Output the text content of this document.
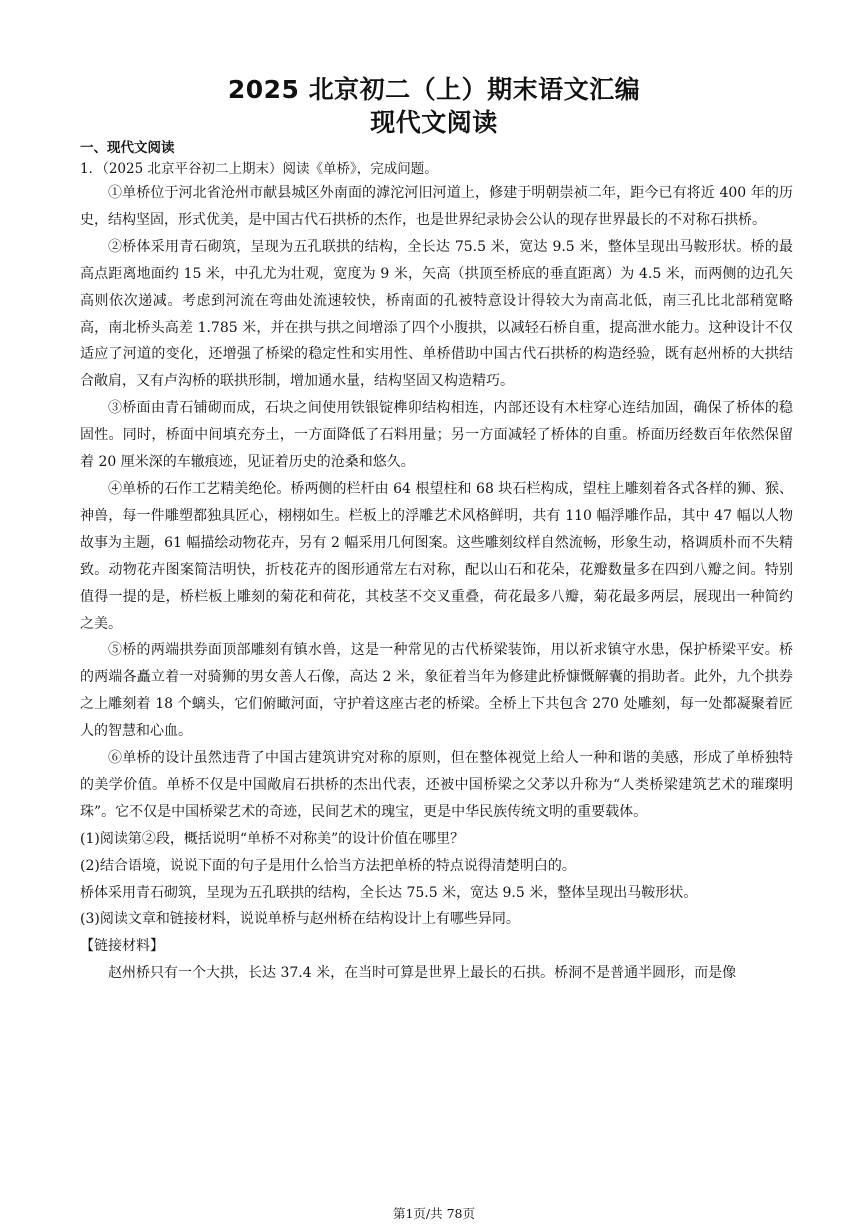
2025 北京初二（上）期末语文汇编
现代文阅读
一、现代文阅读
1．（2025 北京平谷初二上期末）阅读《单桥》，完成问题。

①单桥位于河北省沧州市献县城区外南面的滹沱河旧河道上，修建于明朝崇祯二年，距今已有将近 400 年的历史，结构坚固，形式优美，是中国古代石拱桥的杰作，也是世界纪录协会公认的现存世界最长的不对称石拱桥。

②桥体采用青石砌筑，呈现为五孔联拱的结构，全长达 75.5 米，宽达 9.5 米，整体呈现出马鞍形状。桥的最高点距离地面约 15 米，中孔尤为壮观，宽度为 9 米，矢高（拱顶至桥底的垂直距离）为 4.5 米，而两侧的边孔矢高则依次递减。考虑到河流在弯曲处流速较快，桥南面的孔被特意设计得较大为南高北低，南三孔比北部稍宽略高，南北桥头高差 1.785 米，并在拱与拱之间增添了四个小腹拱，以减轻石桥自重，提高泄水能力。这种设计不仅适应了河道的变化，还增强了桥梁的稳定性和实用性、单桥借助中国古代石拱桥的构造经验，既有赵州桥的大拱结合敞肩，又有卢沟桥的联拱形制，增加通水量，结构坚固又构造精巧。

③桥面由青石铺砌而成，石块之间使用铁银锭榫卯结构相连，内部还设有木柱穿心连结加固，确保了桥体的稳固性。同时，桥面中间填充夯土，一方面降低了石料用量；另一方面减轻了桥体的自重。桥面历经数百年依然保留着 20 厘米深的车辙痕迹，见证着历史的沧桑和悠久。

④单桥的石作工艺精美绝伦。桥两侧的栏杆由 64 根望柱和 68 块石栏构成，望柱上雕刻着各式各样的狮、猴、神兽，每一件雕塑都独具匠心，栩栩如生。栏板上的浮雕艺术风格鲜明，共有 110 幅浮雕作品，其中 47 幅以人物故事为主题，61 幅描绘动物花卉，另有 2 幅采用几何图案。这些雕刻纹样自然流畅，形象生动，格调质朴而不失精致。动物花卉图案简洁明快，折枝花卉的图形通常左右对称，配以山石和花朵，花瓣数量多在四到八瓣之间。特别值得一提的是，桥栏板上雕刻的菊花和荷花，其枝茎不交叉重叠，荷花最多八瓣，菊花最多两层，展现出一种简约之美。

⑤桥的两端拱券面顶部雕刻有镇水兽，这是一种常见的古代桥梁装饰，用以祈求镇守水患，保护桥梁平安。桥的两端各矗立着一对骑狮的男女善人石像，高达 2 米，象征着当年为修建此桥慷慨解囊的捐助者。此外，九个拱券之上雕刻着 18 个螭头，它们俯瞰河面，守护着这座古老的桥梁。全桥上下共包含 270 处雕刻，每一处都凝聚着匠人的智慧和心血。

⑥单桥的设计虽然违背了中国古建筑讲究对称的原则，但在整体视觉上给人一种和谐的美感，形成了单桥独特的美学价值。单桥不仅是中国敞肩石拱桥的杰出代表，还被中国桥梁之父茅以升称为“人类桥梁建筑艺术的璀璨明珠”。它不仅是中国桥梁艺术的奇迹，民间艺术的瑰宝，更是中华民族传统文明的重要载体。

(1)阅读第②段，概括说明“单桥不对称美”的设计价值在哪里？

(2)结合语境，说说下面的句子是用什么恰当方法把单桥的特点说得清楚明白的。

桥体采用青石砌筑，呈现为五孔联拱的结构，全长达 75.5 米，宽达 9.5 米，整体呈现出马鞍形状。

(3)阅读文章和链接材料，说说单桥与赵州桥在结构设计上有哪些异同。

【链接材料】

赵州桥只有一个大拱，长达 37.4 米，在当时可算是世界上最长的石拱。桥洞不是普通半圆形，而是像

第1页/共 78页
